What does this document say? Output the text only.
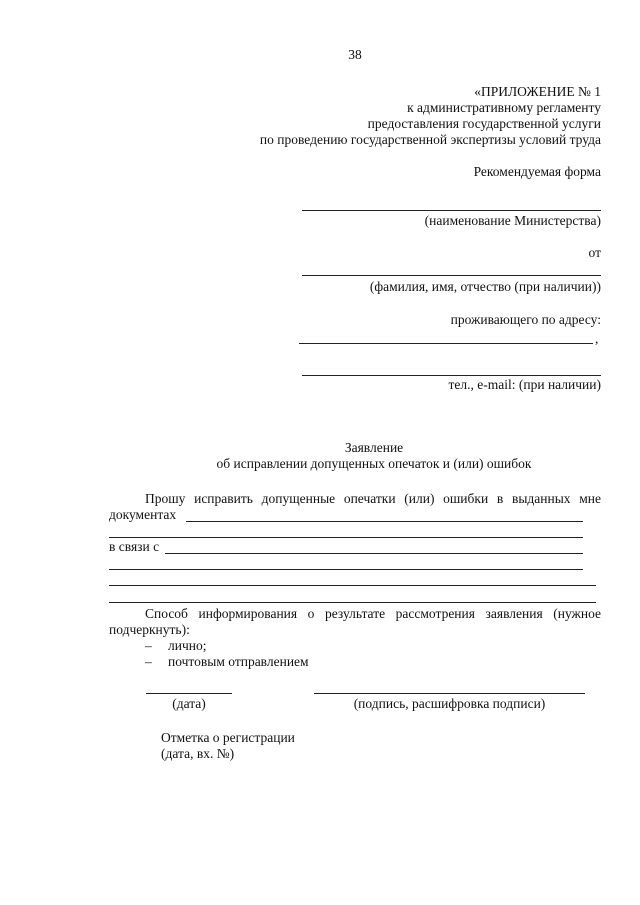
38
«ПРИЛОЖЕНИЕ № 1
к административному регламенту
предоставления государственной услуги
по проведению государственной экспертизы условий труда
Рекомендуемая форма
(наименование Министерства)
от
(фамилия, имя, отчество (при наличии))
проживающего по адресу:
,
тел., e-mail: (при наличии)
Заявление
об исправлении допущенных опечаток и (или) ошибок
Прошу исправить допущенные опечатки (или) ошибки в выданных мне
документах
в связи с
Способ информирования о результате рассмотрения заявления (нужное
подчеркнуть):
– лично;
– почтовым отправлением
(дата)	(подпись, расшифровка подписи)
Отметка о регистрации
(дата, вх. №)
